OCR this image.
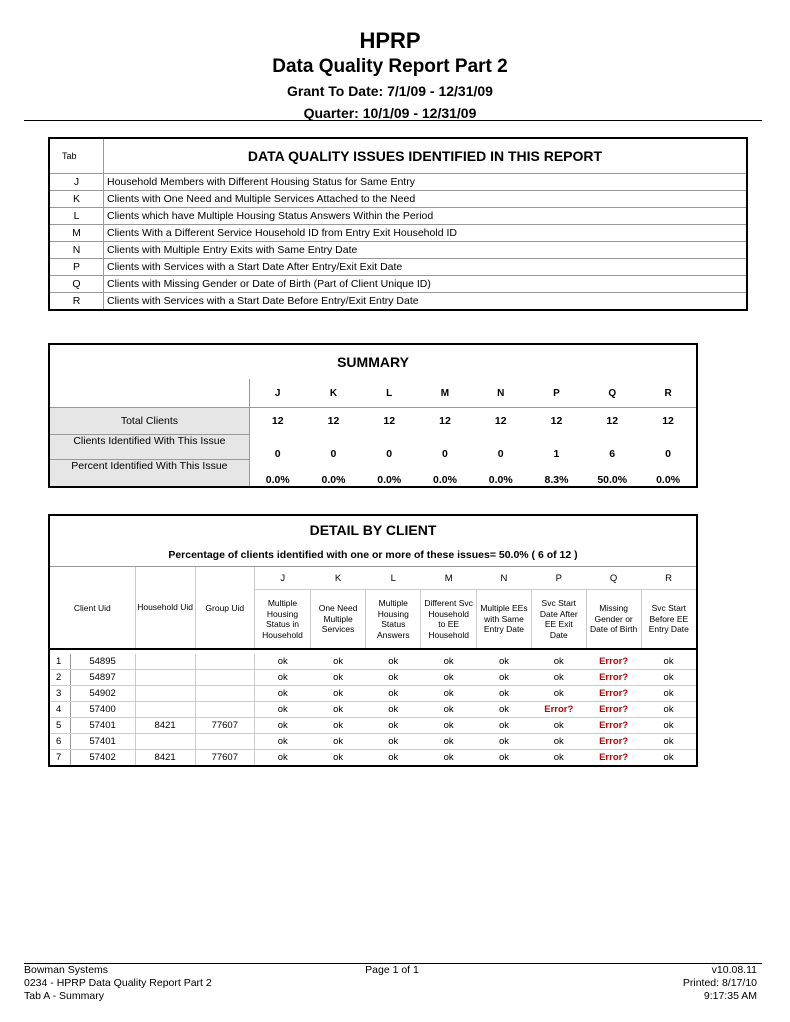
HPRP
Data Quality Report Part 2
Grant To Date: 7/1/09 - 12/31/09
Quarter: 10/1/09 - 12/31/09
Tab	DATA QUALITY ISSUES IDENTIFIED IN THIS REPORT
J	Household Members with Different Housing Status for Same Entry
K	Clients with One Need and Multiple Services Attached to the Need
L	Clients which have Multiple Housing Status Answers Within the Period
M	Clients With a Different Service Household ID from Entry Exit Household ID
N	Clients with Multiple Entry Exits with Same Entry Date
P	Clients with Services with a Start Date After Entry/Exit Exit Date
Q	Clients with Missing Gender or Date of Birth (Part of Client Unique ID)
R	Clients with Services with a Start Date Before Entry/Exit Entry Date
SUMMARY								
	J	K	L	M	N	P	Q	R
Total Clients	12	12	12	12	12	12	12	12
Clients Identified With This Issue	0	0	0	0	0	1	6	0
Percent Identified With This Issue	0.0%	0.0%	0.0%	0.0%	0.0%	8.3%	50.0%	0.0%
DETAIL BY CLIENT											
Percentage of clients identified with one or more of these issues= 50.0% ( 6 of 12 )											
Client Uid		Household Uid	Group Uid	J	K	L	M	N	P	Q	R
				Multiple Housing Status in Household	One Need Multiple Services	Multiple Housing Status Answers	Different Svc Household to EE Household	Multiple EEs with Same Entry Date	Svc Start Date After EE Exit Date	Missing Gender or Date of Birth	Svc Start Before EE Entry Date

1	54895			ok	ok	ok	ok	ok	ok	Error?	ok
2	54897			ok	ok	ok	ok	ok	ok	Error?	ok
3	54902			ok	ok	ok	ok	ok	ok	Error?	ok
4	57400			ok	ok	ok	ok	ok	Error?	Error?	ok
5	57401	8421	77607	ok	ok	ok	ok	ok	ok	Error?	ok
6	57401			ok	ok	ok	ok	ok	ok	Error?	ok
7	57402	8421	77607	ok	ok	ok	ok	ok	ok	Error?	ok
Bowman Systems
0234 - HPRP Data Quality Report Part 2
Tab A - Summary
Page 1 of 1	v10.08.11
Printed: 8/17/10
9:17:35 AM
